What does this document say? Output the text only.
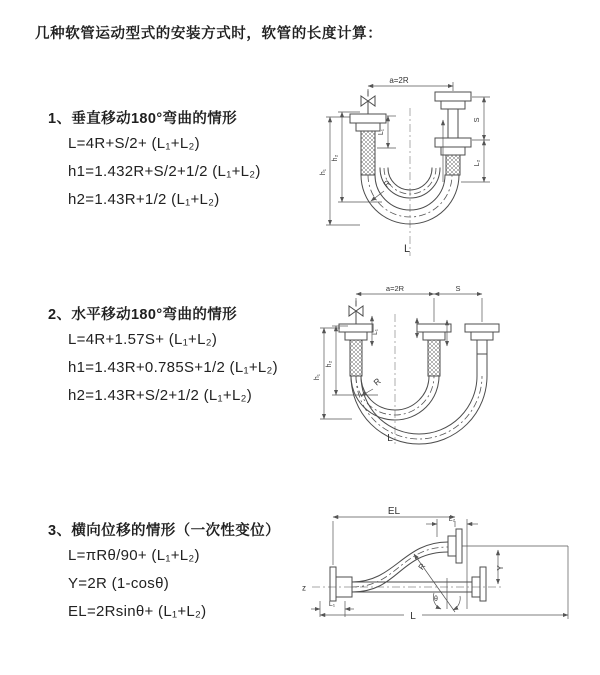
几种软管运动型式的安装方式时，软管的长度计算：
1、垂直移动180°弯曲的情形
L=4R+S/2+ (L₁+L₂)
h1=1.432R+S/2+1/2 (L₁+L₂)
h2=1.43R+1/2 (L₁+L₂)
2、水平移动180°弯曲的情形
L=4R+1.57S+ (L₁+L₂)
h1=1.43R+0.785S+1/2 (L₁+L₂)
h2=1.43R+S/2+1/2 (L₁+L₂)
3、横向位移的情形（一次性变位）
L=πRθ/90+ (L₁+L₂)
Y=2R (1-cosθ)
EL=2Rsinθ+ (L₁+L₂)
a=2R
L₁
S
L₂
h₂
h₁
R
L
a=2R	S
L₁
h₁
h₂
R
L
EL
L₂
z
Y
R
θ
L₁
L
